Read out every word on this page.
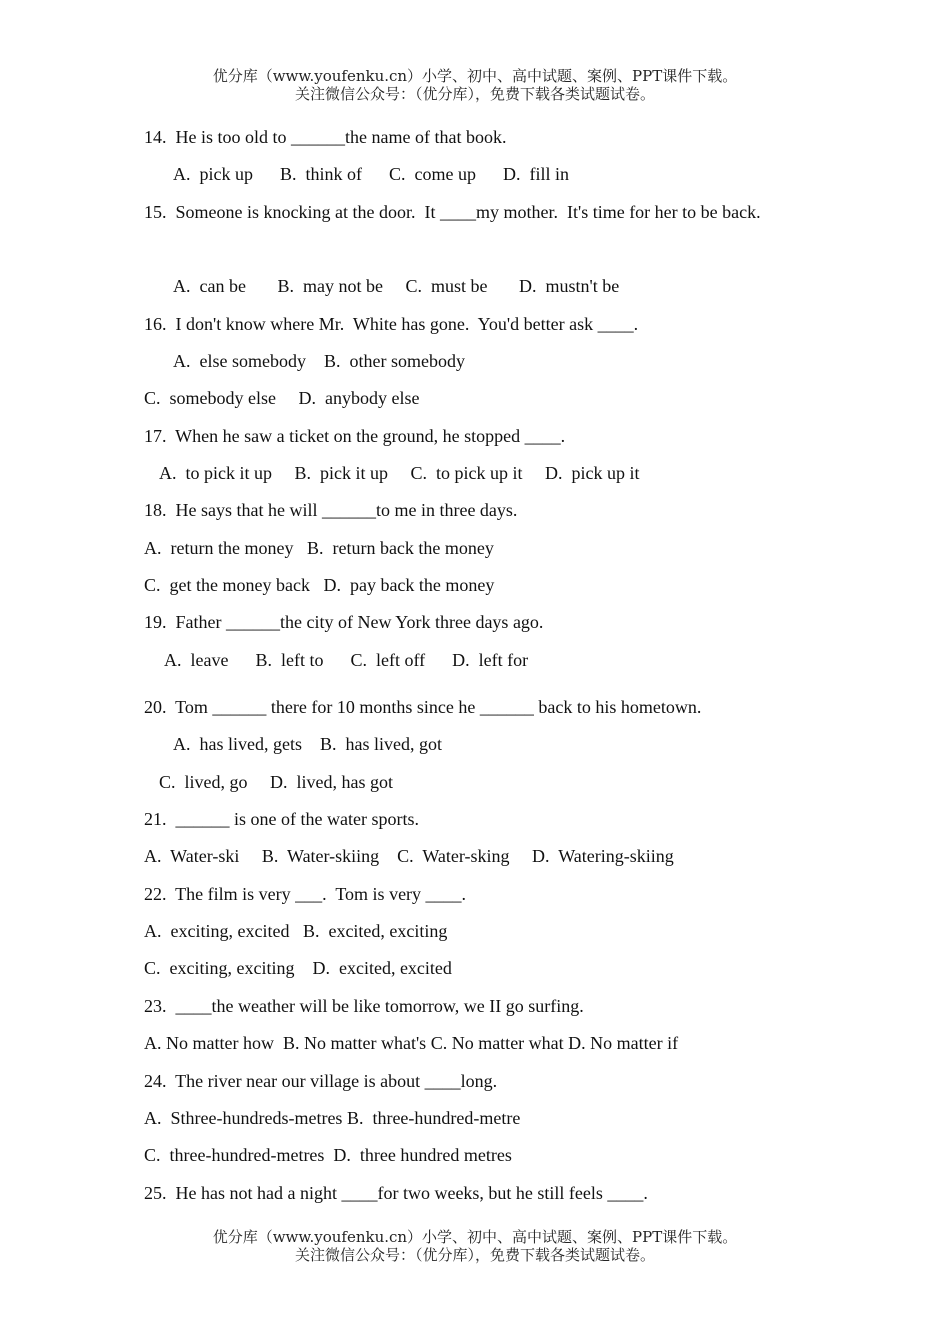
优分库（www.youfenku.cn）小学、初中、高中试题、案例、PPT课件下载。
关注微信公众号：（优分库），免费下载各类试题试卷。
14.  He is too old to ______the name of that book.
A.  pick up      B.  think of      C.  come up      D.  fill in
15.  Someone is knocking at the door.  It ____my mother.  It's time for her to be back.
A.  can be       B.  may not be     C.  must be       D.  mustn't be
16.  I don't know where Mr.  White has gone.  You'd better ask ____.
A.  else somebody    B.  other somebody
C.  somebody else     D.  anybody else
17.  When he saw a ticket on the ground, he stopped ____.
A.  to pick it up     B.  pick it up     C.  to pick up it     D.  pick up it
18.  He says that he will ______to me in three days.
A.  return the money   B.  return back the money
C.  get the money back   D.  pay back the money
19.  Father ______the city of New York three days ago.
A.  leave      B.  left to      C.  left off      D.  left for
20.  Tom ______ there for 10 months since he ______ back to his hometown.
A.  has lived, gets    B.  has lived, got
C.  lived, go     D.  lived, has got
21.  ______ is one of the water sports.
A.  Water-ski     B.  Water-skiing    C.  Water-sking     D.  Watering-skiing
22.  The film is very ___.  Tom is very ____.
A.  exciting, excited   B.  excited, exciting
C.  exciting, exciting    D.  excited, excited
23.  ____the weather will be like tomorrow, we II go surfing.
A. No matter how  B. No matter what's C. No matter what D. No matter if
24.  The river near our village is about ____long.
A.  Sthree-hundreds-metres B.  three-hundred-metre
C.  three-hundred-metres  D.  three hundred metres
25.  He has not had a night ____for two weeks, but he still feels ____.
优分库（www.youfenku.cn）小学、初中、高中试题、案例、PPT课件下载。
关注微信公众号：（优分库），免费下载各类试题试卷。
